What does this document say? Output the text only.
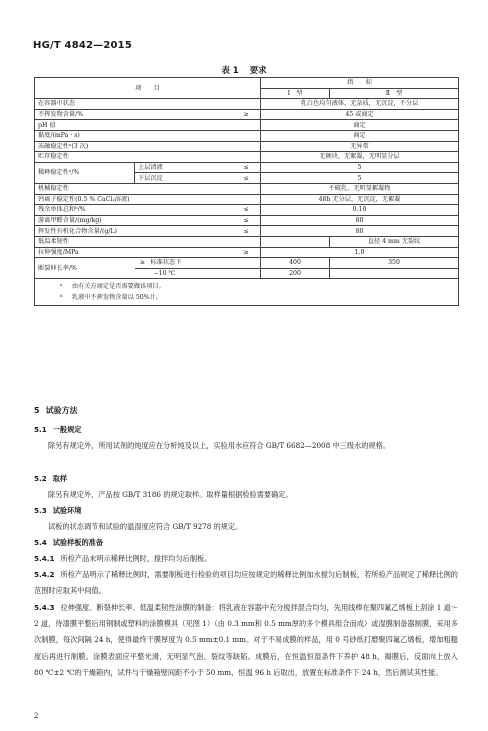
HG/T 4842—2015
表 1 要求
项　　目			指　　标	
			Ⅰ　型	Ⅱ　型
在容器中状态			乳白色均匀液体，无杂质，无沉淀，不分层	
不挥发物含量/%		≥	45 或商定	
pH 值			商定	
黏度/(mPa · s)			商定	
冻融稳定性ᵃ(3 次)			无异常	
贮存稳定性			无硬块，无絮凝，无明显分层	
稀释稳定性ᵃ/%	上层清液	≤	5	
	下层沉淀	≤	5	
机械稳定性			不破乳，无明显絮凝物	
钙离子稳定性(0.5 % CaCl₂溶液)			48h 无分层，无沉淀，无絮凝	
残余单体总和ᵇ/%		≤	0.10	
游离甲醛含量/(mg/kg)		≤	80	
挥发性有机化合物含量/(g/L)		≤	80	
低温柔韧性				直径 4 mm 无裂纹
拉伸强度/MPa		≥	1.0	
断裂伸长率/%	≥ 标准状态下		400	350
	−10 ℃		200	

ᵃ 由有关方商定是否需要做该项目。
ᵇ 乳液中不挥发物含量以 50%计。				
5 试验方法
5.1 一般规定
除另有规定外，所用试剂的纯度应在分析纯及以上，实验用水应符合 GB/T 6682—2008 中三级水的规格。
5.2 取样
除另有规定外，产品按 GB/T 3186 的规定取样。取样量根据检验需要确定。
5.3 试验环境
试板的状态调节和试验的温湿度应符合 GB/T 9278 的规定。
5.4 试验样板的准备
5.4.1 所检产品未明示稀释比例时，搅拌均匀后制板。
5.4.2 所检产品明示了稀释比例时，需要制板进行检验的项目均应按规定的稀释比例加水搅匀后制板，若所检产品规定了稀释比例的范围时应取其中间值。
5.4.3 拉伸强度、断裂伸长率、低温柔韧性涂膜的制备：将乳液在容器中充分搅拌混合均匀，先用线棒在聚四氟乙烯板上刮涂 1 道～2 道，待漆膜平整后用钢制或塑料的涂膜模具（见图 1）（由 0.3 mm和 0.5 mm厚的多个模具组合而成）或湿膜制备器制膜，采用多次制膜，每次间隔 24 h，使得最终干膜厚度为 0.5 mm±0.1 mm。对于不易成膜的样品，用 0 号砂纸打磨聚四氟乙烯板，增加粗糙度后再进行制膜。涂膜表面应平整光滑，无明显气泡、裂纹等缺陷。成膜后，在恒温恒湿条件下养护 48 h，揭膜后，反面向上放入 80 ℃±2 ℃的干燥箱内，试件与干燥箱壁间距不小于 50 mm，恒温 96 h 后取出，放置在标准条件下 24 h，然后测试其性能。
2
